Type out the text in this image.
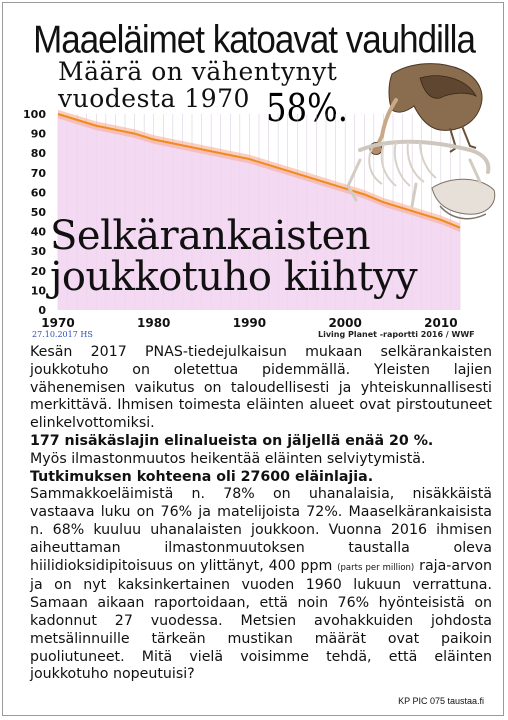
Maaeläimet katoavat vauhdilla
Määrä on vähentynyt
vuodesta 1970 58%.
0
10
20
30
40
50
60
70
80
90
100
1970	1980	1990	2000	2010
Selkärankaisten
joukkotuho kiihtyy
27.10.2017 HS	Living Planet -raportti 2016 / WWF

Kesän 2017 PNAS-tiedejulkaisun mukaan selkärankaisten joukkotuho on oletettua pidemmällä. Yleisten lajien vähenemisen vaikutus on taloudellisesti ja yhteiskunnallisesti merkittävä. Ihmisen toimesta eläinten alueet ovat pirstoutuneet elinkelvottomiksi.

177 nisäkäslajin elinalueista on jäljellä enää 20 %.

Myös ilmastonmuutos heikentää eläinten selviytymistä.

Tutkimuksen kohteena oli 27600 eläinlajia.

Sammakkoeläimistä n. 78% on uhanalaisia, nisäkkäistä vastaava luku on 76% ja matelijoista 72%. Maaselkärankaisista n. 68% kuuluu uhanalaisten joukkoon. Vuonna 2016 ihmisen aiheuttaman ilmastonmuutoksen taustalla oleva hiilidioksidipitoisuus on ylittänyt, 400 ppm (parts per million) raja-arvon ja on nyt kaksinkertainen vuoden 1960 lukuun verrattuna. Samaan aikaan raportoidaan, että noin 76% hyönteisistä on kadonnut 27 vuodessa. Metsien avohakkuiden johdosta metsälinnuille tärkeän mustikan määrät ovat paikoin puoliutuneet. Mitä vielä voisimme tehdä, että eläinten joukkotuho nopeutuisi?

KP PIC 075 taustaa.fi
